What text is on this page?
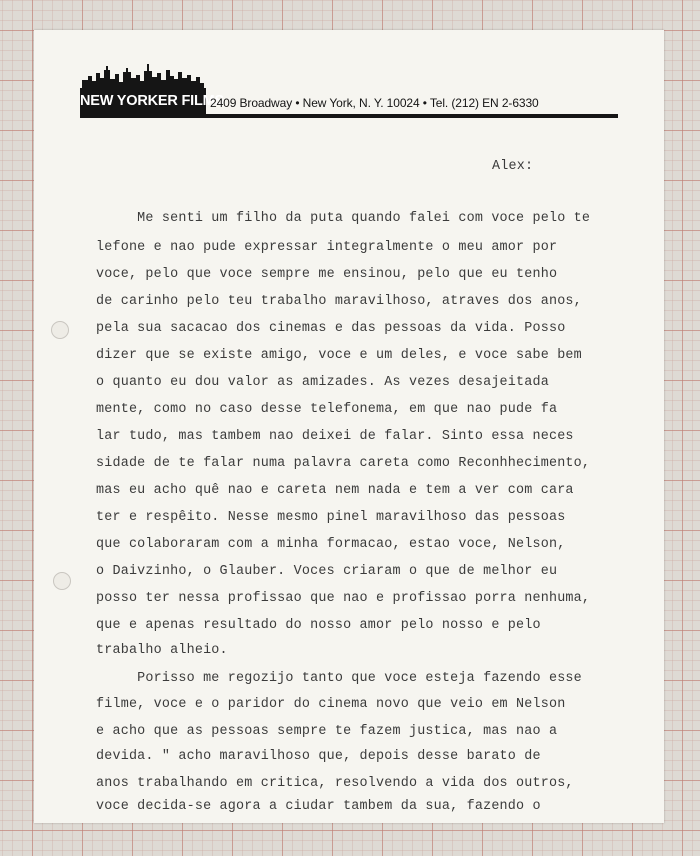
NEW YORKER FILMS
2409 Broadway • New York, N. Y. 10024 • Tel. (212) EN 2-6330
Alex:

Me senti um filho da puta quando falei com voce pelo te

lefone e nao pude expressar integralmente o meu amor por

voce, pelo que voce sempre me ensinou, pelo que eu tenho

de carinho pelo teu trabalho maravilhoso, atraves dos anos,

pela sua sacacao dos cinemas e das pessoas da vida. Posso

dizer que se existe amigo, voce e um deles, e voce sabe bem

o quanto eu dou valor as amizades. As vezes desajeitada

mente, como no caso desse telefonema, em que nao pude fa

lar tudo, mas tambem nao deixei de falar. Sinto essa neces

sidade de te falar numa palavra careta como Reconhhecimento,

mas eu acho quê nao e careta nem nada e tem a ver com cara

ter e respêito. Nesse mesmo pinel maravilhoso das pessoas

que colaboraram com a minha formacao, estao voce, Nelson,

o Daivzinho, o Glauber. Voces criaram o que de melhor eu

posso ter nessa profissao que nao e profissao porra nenhuma,

que e apenas resultado do nosso amor pelo nosso e pelo

trabalho alheio.

Porisso me regozijo tanto que voce esteja fazendo esse

filme, voce e o paridor do cinema novo que veio em Nelson

e acho que as pessoas sempre te fazem justica, mas nao a

devida. " acho maravilhoso que, depois desse barato de

anos trabalhando em critica, resolvendo a vida dos outros,

voce decida-se agora a ciudar tambem da sua, fazendo o
